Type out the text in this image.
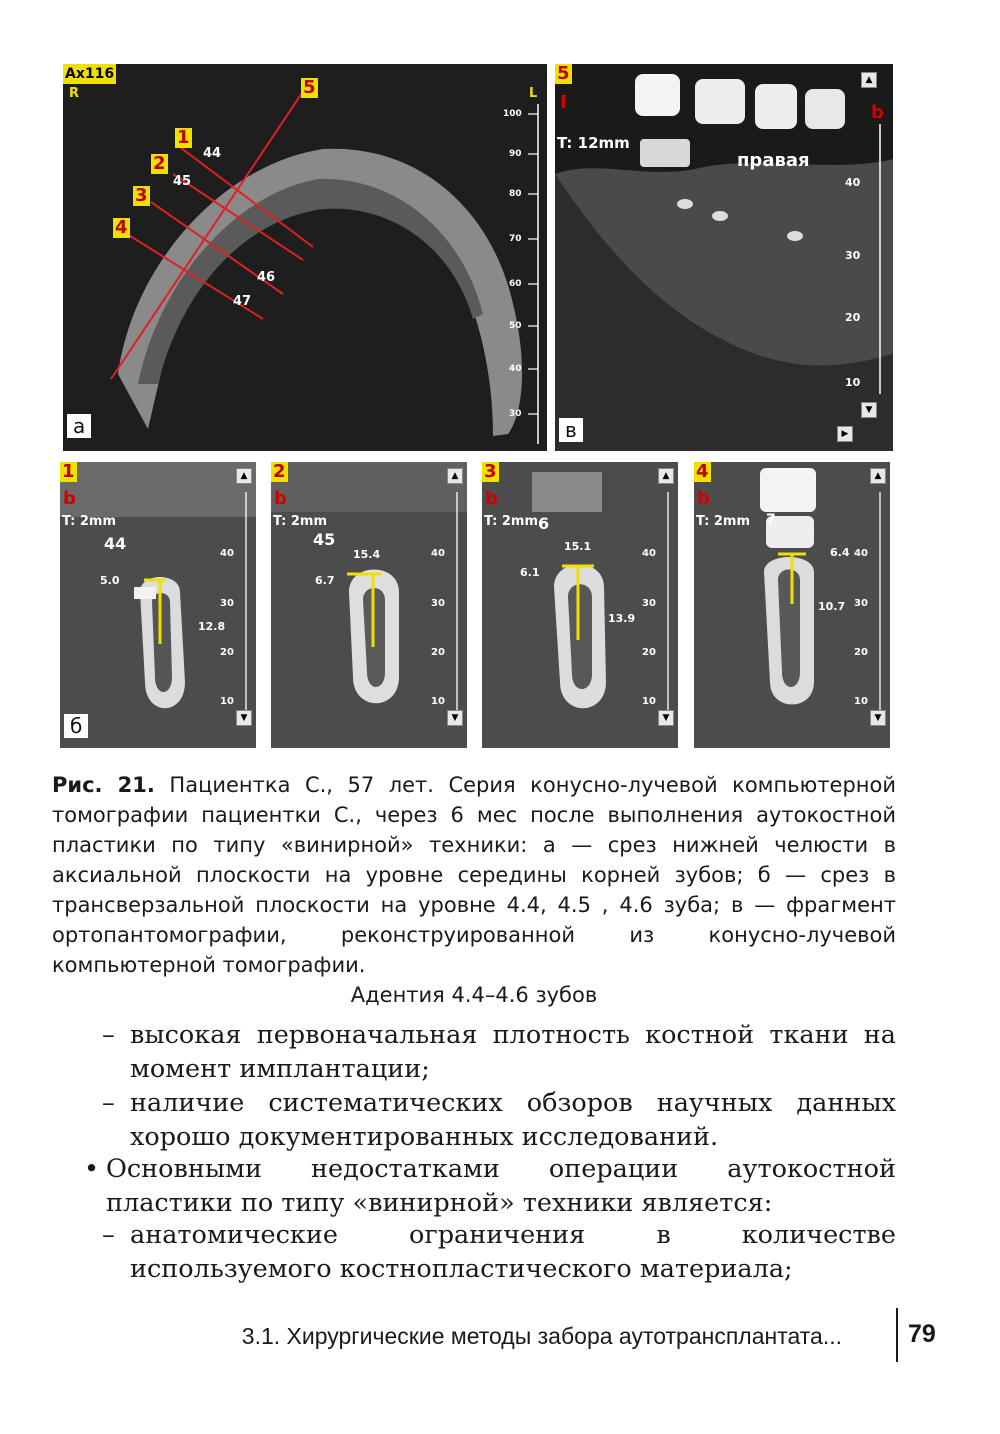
Ax116
R	L
1
2
3
4
5
44
45
46
47
100
90
80
70
60
50
40
30
а
5
I	b
T: 12mm
правая
40
30
20
10
▲
▼
▶
в
1
b
T: 2mm
44
5.0
12.8
40
30
20
10
▲
▼
б
2
b
T: 2mm
45
15.4
6.7
40
30
20
10
▲
▼
3
b
T: 2mm 6
15.1
6.1
13.9
40
30
20
10
▲
▼
4
b
T: 2mm 7
6.4
10.7
40
30
20
10
▲
▼
Рис. 21. Пациентка С., 57 лет. Серия конусно-лучевой компьютерной томографии пациентки С., через 6 мес после выполнения аутокостной пластики по типу «винирной» техники: а — срез нижней челюсти в аксиальной плоскости на уровне середины корней зубов; б — срез в трансверзальной плоскости на уровне 4.4, 4.5 , 4.6 зуба; в — фрагмент ортопантомографии, реконструированной из конусно-лучевой компьютерной томографии.
Адентия 4.4–4.6 зубов
– высокая первоначальная плотность костной ткани на момент имплантации;
– наличие систематических обзоров научных данных хорошо документированных исследований.
• Основными недостатками операции аутокостной пластики по типу «винирной» техники является:
– анатомические ограничения в количестве используемого костнопластического материала;
3.1. Хирургические методы забора аутотрансплантата...	79
